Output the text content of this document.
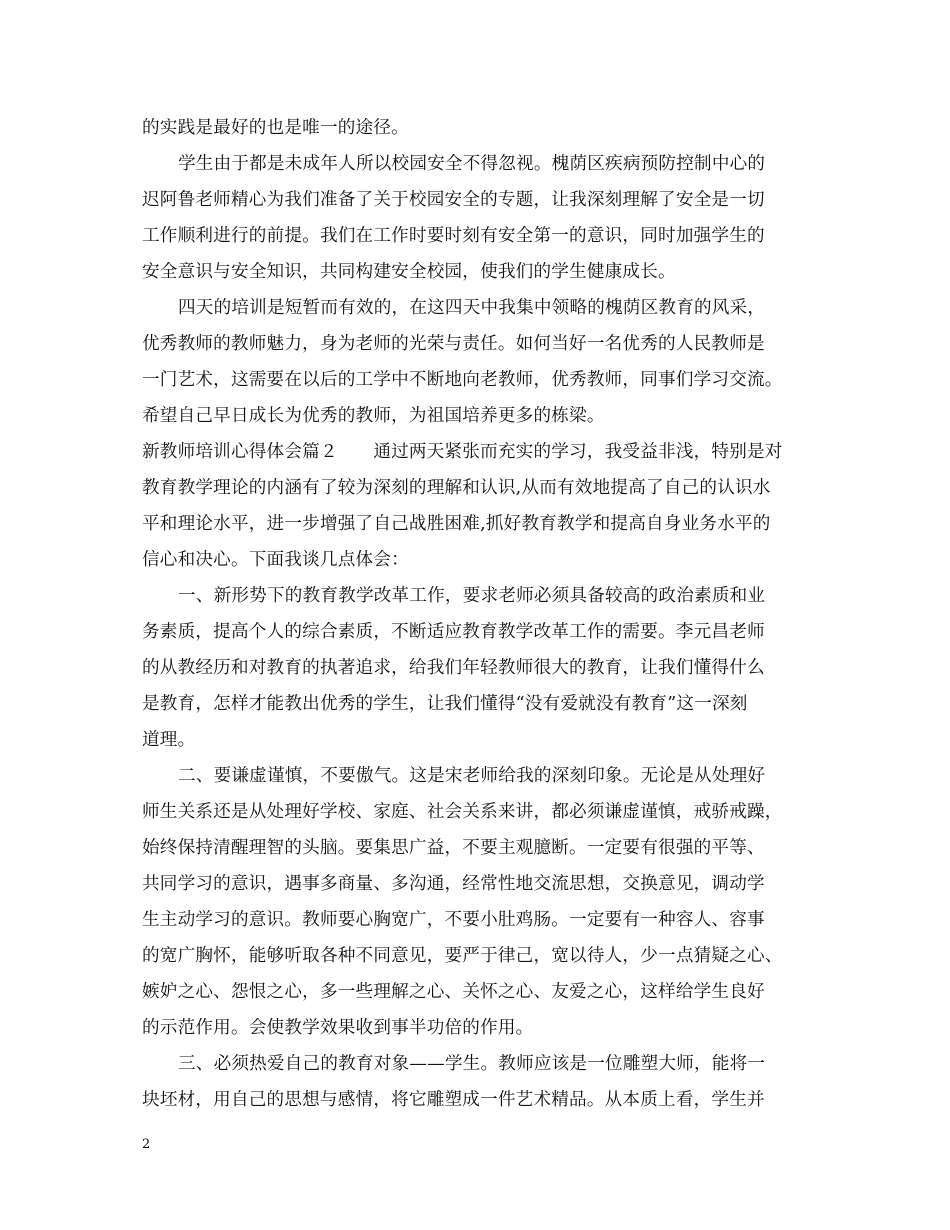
的实践是最好的也是唯一的途径。
学生由于都是未成年人所以校园安全不得忽视。槐荫区疾病预防控制中心的
迟阿鲁老师精心为我们准备了关于校园安全的专题，让我深刻理解了安全是一切
工作顺利进行的前提。我们在工作时要时刻有安全第一的意识，同时加强学生的
安全意识与安全知识，共同构建安全校园，使我们的学生健康成长。
四天的培训是短暂而有效的，在这四天中我集中领略的槐荫区教育的风采，
优秀教师的教师魅力，身为老师的光荣与责任。如何当好一名优秀的人民教师是
一门艺术，这需要在以后的工学中不断地向老教师，优秀教师，同事们学习交流。
希望自己早日成长为优秀的教师，为祖国培养更多的栋梁。
新教师培训心得体会篇２　　通过两天紧张而充实的学习，我受益非浅，特别是对
教育教学理论的内涵有了较为深刻的理解和认识,从而有效地提高了自己的认识水
平和理论水平，进一步增强了自己战胜困难,抓好教育教学和提高自身业务水平的
信心和决心。下面我谈几点体会：
一、新形势下的教育教学改革工作，要求老师必须具备较高的政治素质和业
务素质，提高个人的综合素质，不断适应教育教学改革工作的需要。李元昌老师
的从教经历和对教育的执著追求，给我们年轻教师很大的教育，让我们懂得什么
是教育，怎样才能教出优秀的学生，让我们懂得“没有爱就没有教育”这一深刻
道理。
二、要谦虚谨慎，不要傲气。这是宋老师给我的深刻印象。无论是从处理好
师生关系还是从处理好学校、家庭、社会关系来讲，都必须谦虚谨慎，戒骄戒躁，
始终保持清醒理智的头脑。要集思广益，不要主观臆断。一定要有很强的平等、
共同学习的意识，遇事多商量、多沟通，经常性地交流思想，交换意见，调动学
生主动学习的意识。教师要心胸宽广，不要小肚鸡肠。一定要有一种容人、容事
的宽广胸怀，能够听取各种不同意见，要严于律己，宽以待人，少一点猜疑之心、
嫉妒之心、怨恨之心，多一些理解之心、关怀之心、友爱之心，这样给学生良好
的示范作用。会使教学效果收到事半功倍的作用。
三、必须热爱自己的教育对象——学生。教师应该是一位雕塑大师，能将一
块坯材，用自己的思想与感情，将它雕塑成一件艺术精品。从本质上看，学生并
2
